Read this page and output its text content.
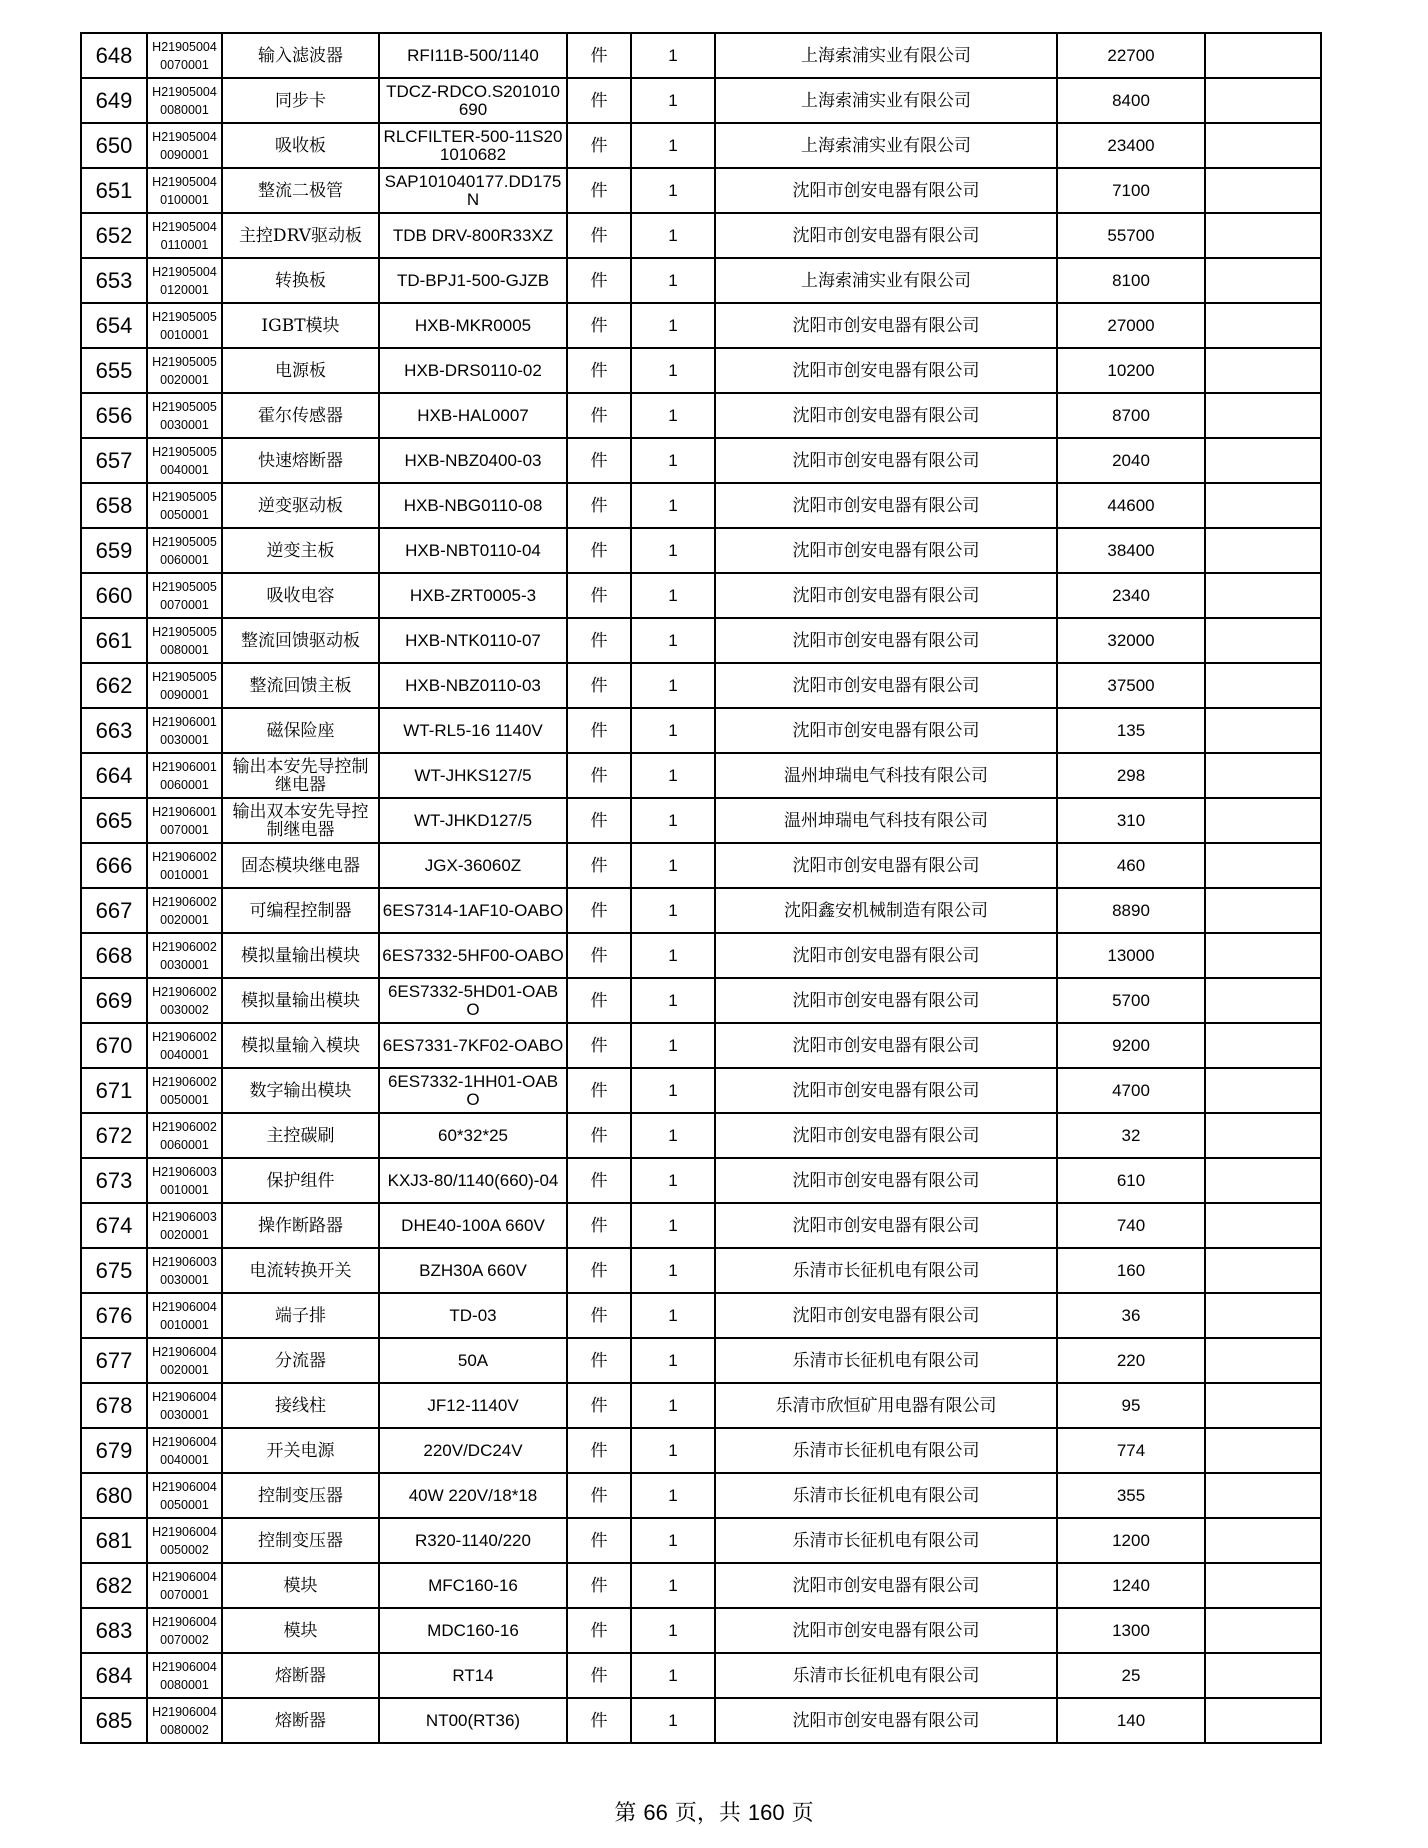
648	H219050040070001	输入滤波器	RFI11B-500/1140	件	1	上海索浦实业有限公司	22700	
649	H219050040080001	同步卡	TDCZ-RDCO.S201010690	件	1	上海索浦实业有限公司	8400	
650	H219050040090001	吸收板	RLCFILTER-500-11S201010682	件	1	上海索浦实业有限公司	23400	
651	H219050040100001	整流二极管	SAP101040177.DD175N	件	1	沈阳市创安电器有限公司	7100	
652	H219050040110001	主控DRV驱动板	TDB DRV-800R33XZ	件	1	沈阳市创安电器有限公司	55700	
653	H219050040120001	转换板	TD-BPJ1-500-GJZB	件	1	上海索浦实业有限公司	8100	
654	H219050050010001	IGBT模块	HXB-MKR0005	件	1	沈阳市创安电器有限公司	27000	
655	H219050050020001	电源板	HXB-DRS0110-02	件	1	沈阳市创安电器有限公司	10200	
656	H219050050030001	霍尔传感器	HXB-HAL0007	件	1	沈阳市创安电器有限公司	8700	
657	H219050050040001	快速熔断器	HXB-NBZ0400-03	件	1	沈阳市创安电器有限公司	2040	
658	H219050050050001	逆变驱动板	HXB-NBG0110-08	件	1	沈阳市创安电器有限公司	44600	
659	H219050050060001	逆变主板	HXB-NBT0110-04	件	1	沈阳市创安电器有限公司	38400	
660	H219050050070001	吸收电容	HXB-ZRT0005-3	件	1	沈阳市创安电器有限公司	2340	
661	H219050050080001	整流回馈驱动板	HXB-NTK0110-07	件	1	沈阳市创安电器有限公司	32000	
662	H219050050090001	整流回馈主板	HXB-NBZ0110-03	件	1	沈阳市创安电器有限公司	37500	
663	H219060010030001	磁保险座	WT-RL5-16 1140V	件	1	沈阳市创安电器有限公司	135	
664	H219060010060001	输出本安先导控制继电器	WT-JHKS127/5	件	1	温州坤瑞电气科技有限公司	298	
665	H219060010070001	输出双本安先导控制继电器	WT-JHKD127/5	件	1	温州坤瑞电气科技有限公司	310	
666	H219060020010001	固态模块继电器	JGX-36060Z	件	1	沈阳市创安电器有限公司	460	
667	H219060020020001	可编程控制器	6ES7314-1AF10-OABO	件	1	沈阳鑫安机械制造有限公司	8890	
668	H219060020030001	模拟量输出模块	6ES7332-5HF00-OABO	件	1	沈阳市创安电器有限公司	13000	
669	H219060020030002	模拟量输出模块	6ES7332-5HD01-OABO	件	1	沈阳市创安电器有限公司	5700	
670	H219060020040001	模拟量输入模块	6ES7331-7KF02-OABO	件	1	沈阳市创安电器有限公司	9200	
671	H219060020050001	数字输出模块	6ES7332-1HH01-OABO	件	1	沈阳市创安电器有限公司	4700	
672	H219060020060001	主控碳刷	60*32*25	件	1	沈阳市创安电器有限公司	32	
673	H219060030010001	保护组件	KXJ3-80/1140(660)-04	件	1	沈阳市创安电器有限公司	610	
674	H219060030020001	操作断路器	DHE40-100A 660V	件	1	沈阳市创安电器有限公司	740	
675	H219060030030001	电流转换开关	BZH30A 660V	件	1	乐清市长征机电有限公司	160	
676	H219060040010001	端子排	TD-03	件	1	沈阳市创安电器有限公司	36	
677	H219060040020001	分流器	50A	件	1	乐清市长征机电有限公司	220	
678	H219060040030001	接线柱	JF12-1140V	件	1	乐清市欣恒矿用电器有限公司	95	
679	H219060040040001	开关电源	220V/DC24V	件	1	乐清市长征机电有限公司	774	
680	H219060040050001	控制变压器	40W 220V/18*18	件	1	乐清市长征机电有限公司	355	
681	H219060040050002	控制变压器	R320-1140/220	件	1	乐清市长征机电有限公司	1200	
682	H219060040070001	模块	MFC160-16	件	1	沈阳市创安电器有限公司	1240	
683	H219060040070002	模块	MDC160-16	件	1	沈阳市创安电器有限公司	1300	
684	H219060040080001	熔断器	RT14	件	1	乐清市长征机电有限公司	25	
685	H219060040080002	熔断器	NT00(RT36)	件	1	沈阳市创安电器有限公司	140	
第 66 页，共 160 页
